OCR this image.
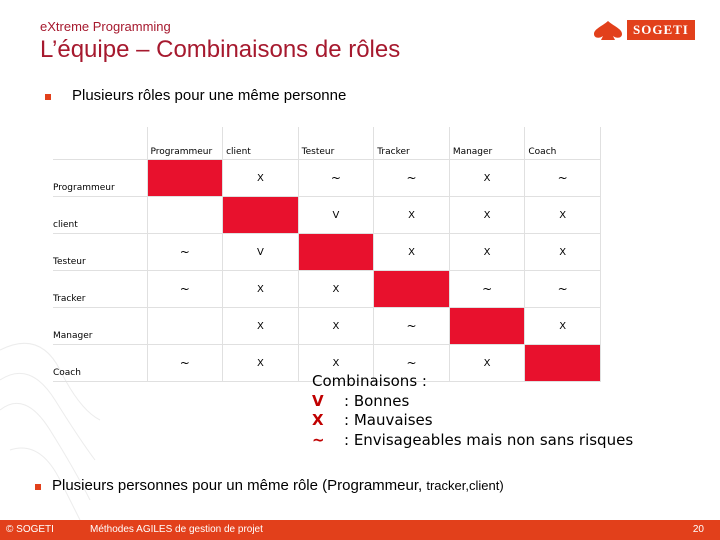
eXtreme Programming
L’équipe – Combinaisons de rôles
SOGETI
Plusieurs rôles pour une même personne
	Programmeur	client	Testeur	Tracker	Manager	Coach
Programmeur		X	~	~	X	~
client			V	X	X	X
Testeur	~	V		X	X	X
Tracker	~	X	X		~	~
Manager		X	X	~		X
Coach	~	X	X	~	X	
Combinaisons :
V : Bonnes
X : Mauvaises
~ : Envisageables mais non sans risques
Plusieurs personnes pour un même rôle (Programmeur, tracker,client)
© SOGETI	Méthodes AGILES de gestion de projet	20
